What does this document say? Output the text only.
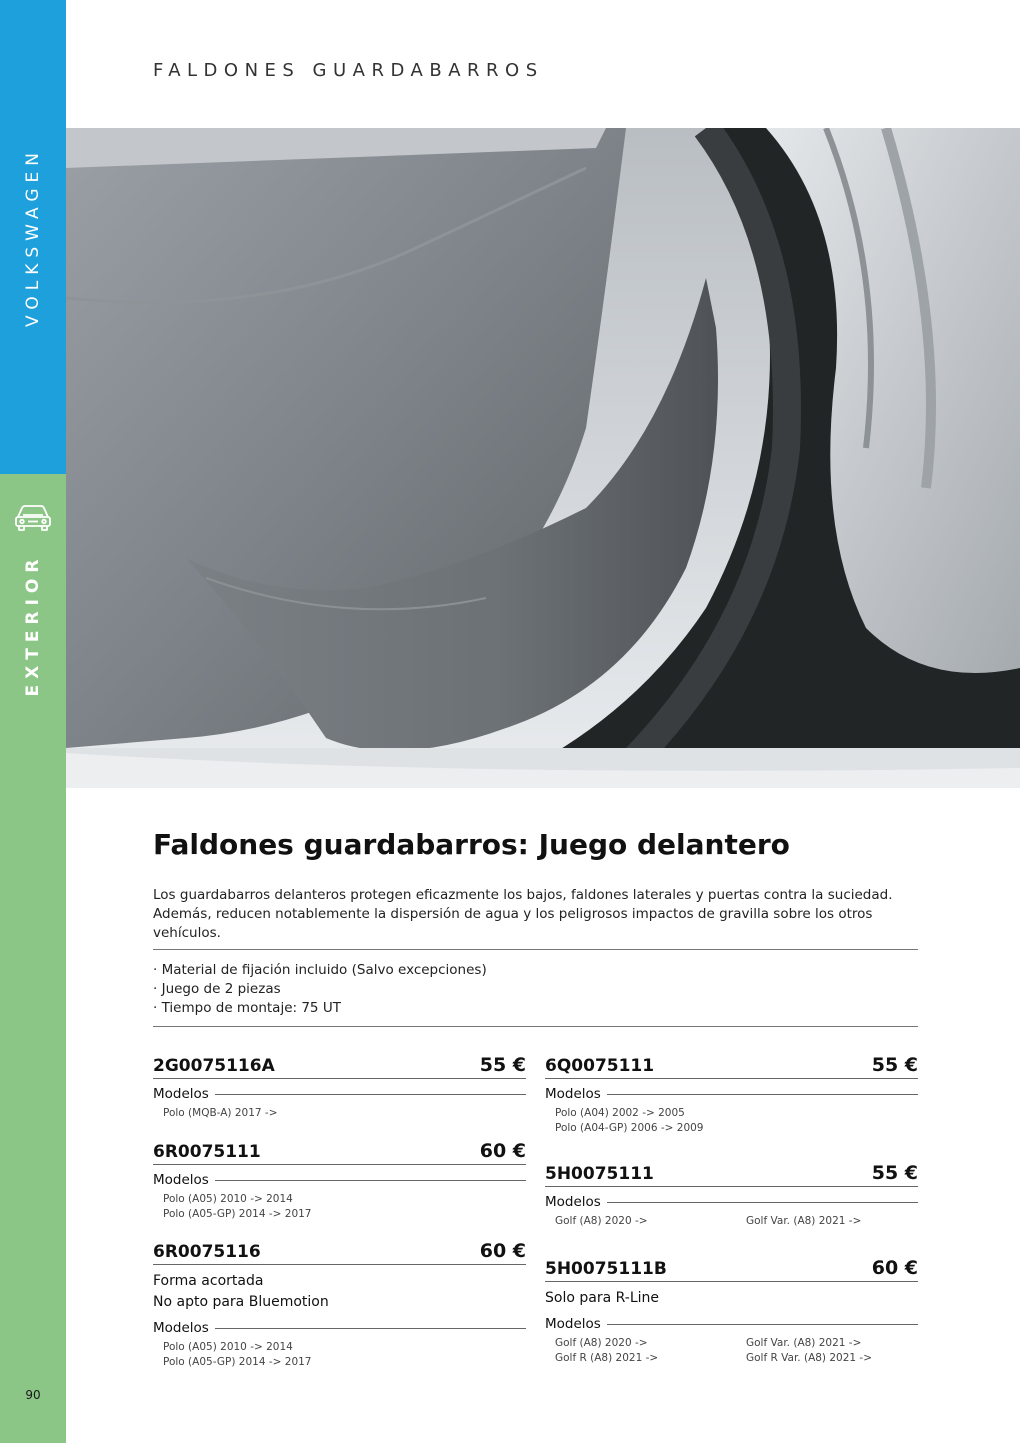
VOLKSWAGEN
EXTERIOR
90
FALDONES GUARDABARROS
Faldones guardabarros: Juego delantero

Los guardabarros delanteros protegen eficazmente los bajos, faldones laterales y puertas contra la suciedad.

Además, reducen notablemente la dispersión de agua y los peligrosos impactos de gravilla sobre los otros vehículos.

· Material de fijación incluido (Salvo excepciones)
· Juego de 2 piezas
· Tiempo de montaje: 75 UT
2G0075116A	55 €
Modelos
Polo (MQB-A) 2017 ->
6R0075111	60 €
Modelos
Polo (A05) 2010 -> 2014
Polo (A05-GP) 2014 -> 2017
6R0075116	60 €
Forma acortada
No apto para Bluemotion
Modelos
Polo (A05) 2010 -> 2014
Polo (A05-GP) 2014 -> 2017
6Q0075111	55 €
Modelos
Polo (A04) 2002 -> 2005
Polo (A04-GP) 2006 -> 2009
5H0075111	55 €
Modelos
Golf (A8) 2020 ->	Golf Var. (A8) 2021 ->
5H0075111B	60 €
Solo para R-Line
Modelos
Golf (A8) 2020 ->	Golf Var. (A8) 2021 ->
Golf R (A8) 2021 ->	Golf R Var. (A8) 2021 ->
